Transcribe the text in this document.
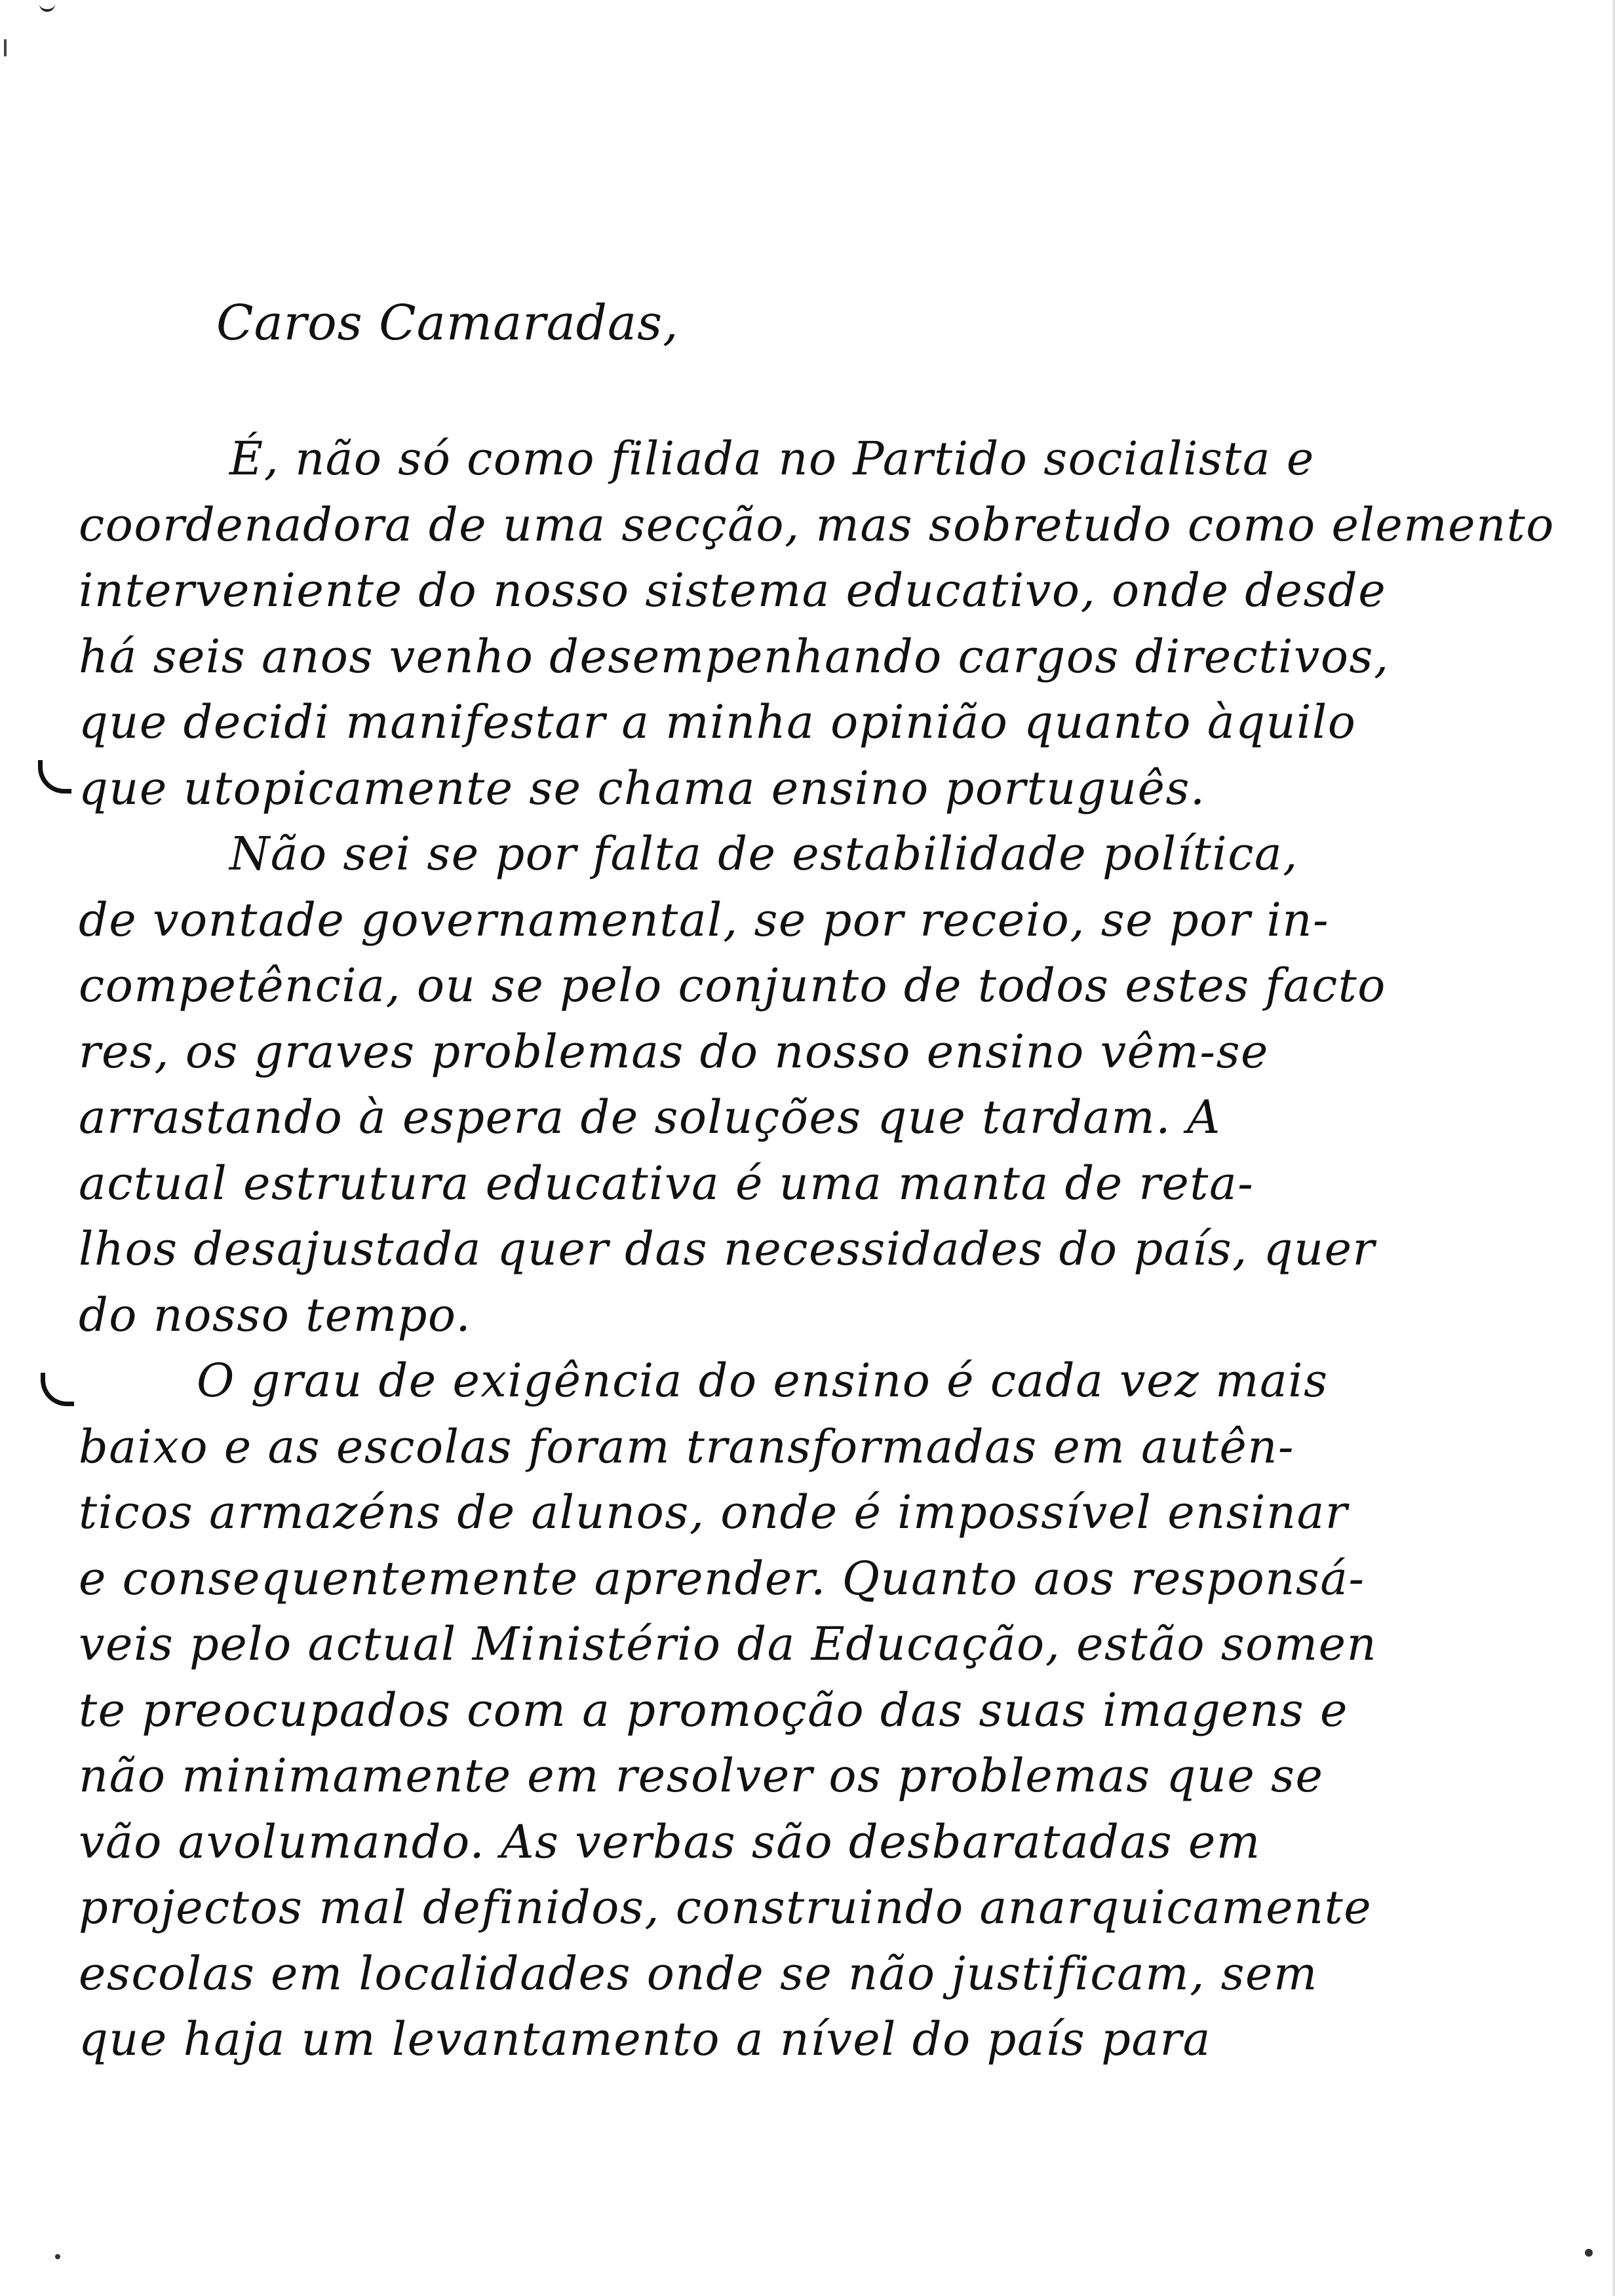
Caros Camaradas,
É, não só como filiada no Partido socialista e
coordenadora de uma secção, mas sobretudo como elemento
interveniente do nosso sistema educativo, onde desde
há seis anos venho desempenhando cargos directivos,
que decidi manifestar a minha opinião quanto àquilo
que utopicamente se chama ensino português.
Não sei se por falta de estabilidade política,
de vontade governamental, se por receio, se por in-
competência, ou se pelo conjunto de todos estes facto
res, os graves problemas do nosso ensino vêm-se
arrastando à espera de soluções que tardam. A
actual estrutura educativa é uma manta de reta-
lhos desajustada quer das necessidades do país, quer
do nosso tempo.
O grau de exigência do ensino é cada vez mais
baixo e as escolas foram transformadas em autên-
ticos armazéns de alunos, onde é impossível ensinar
e consequentemente aprender. Quanto aos responsá-
veis pelo actual Ministério da Educação, estão somen
te preocupados com a promoção das suas imagens e
não minimamente em resolver os problemas que se
vão avolumando. As verbas são desbaratadas em
projectos mal definidos, construindo anarquicamente
escolas em localidades onde se não justificam, sem
que haja um levantamento a nível do país para
